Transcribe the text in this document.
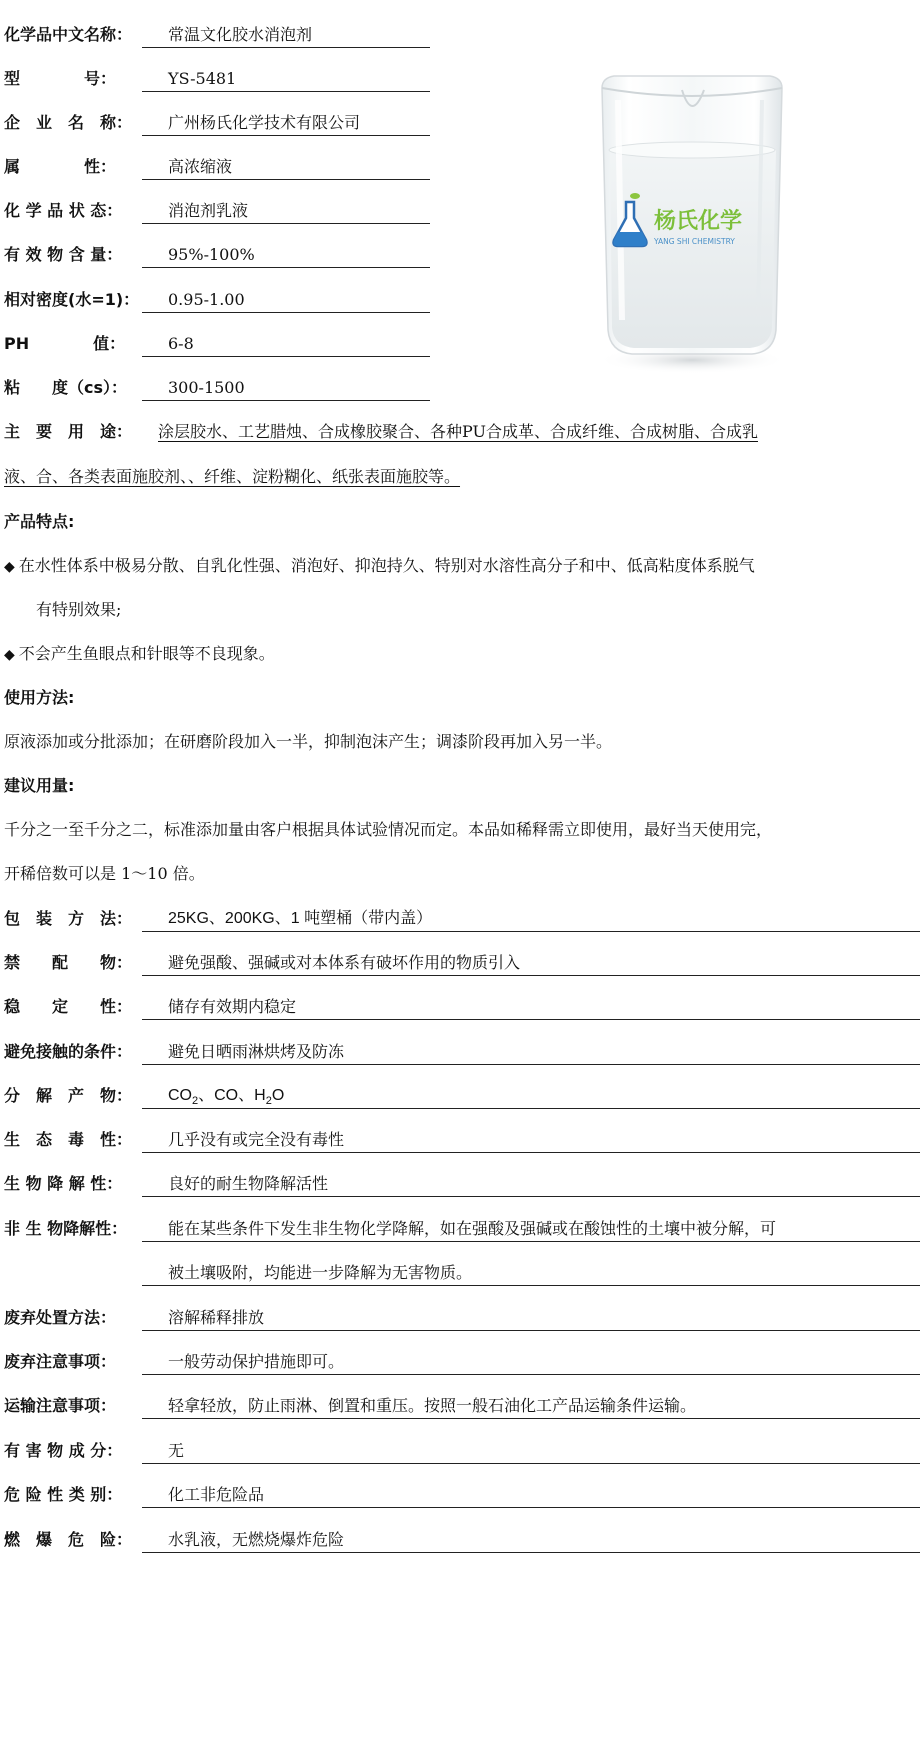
化学品中文名称：	常温文化胶水消泡剂
型　　　　号：	YS-5481
企　业　名　称：	广州杨氏化学技术有限公司
属　　　　性：	高浓缩液
化 学 品 状 态：	消泡剂乳液
有 效 物 含 量：	95%-100%
相对密度(水=1)：	0.95-1.00
PH　　　　值：	6-8
粘　　度（cs）：	300-1500
杨氏化学
YANG SHI CHEMISTRY
主　要　用　途： 涂层胶水、工艺腊烛、合成橡胶聚合、各种PU合成革、合成纤维、合成树脂、合成乳
液、合、各类表面施胶剂、、纤维、淀粉糊化、纸张表面施胶等。
产品特点:
◆ 在水性体系中极易分散、自乳化性强、消泡好、抑泡持久、特别对水溶性高分子和中、低高粘度体系脱气
有特别效果;
◆ 不会产生鱼眼点和针眼等不良现象。
使用方法:
原液添加或分批添加；在研磨阶段加入一半，抑制泡沫产生；调漆阶段再加入另一半。
建议用量:
千分之一至千分之二，标准添加量由客户根据具体试验情况而定。本品如稀释需立即使用，最好当天使用完，
开稀倍数可以是 1～10 倍。
包　装　方　法：	25KG、200KG、1 吨塑桶（带内盖）
禁　　配　　物：	避免强酸、强碱或对本体系有破坏作用的物质引入
稳　　定　　性：	储存有效期内稳定
避免接触的条件：	避免日晒雨淋烘烤及防冻
分　解　产　物：	$CO_2$、CO、$H_2O$
生　态　毒　性：	几乎没有或完全没有毒性
生 物 降 解 性：	良好的耐生物降解活性
非 生 物降解性：	能在某些条件下发生非生物化学降解，如在强酸及强碱或在酸蚀性的土壤中被分解，可
被土壤吸附，均能进一步降解为无害物质。
废弃处置方法：	溶解稀释排放
废弃注意事项：	一般劳动保护措施即可。
运输注意事项：	轻拿轻放，防止雨淋、倒置和重压。按照一般石油化工产品运输条件运输。
有 害 物 成 分：	无
危 险 性 类 别：	化工非危险品
燃　爆　危　险：	水乳液，无燃烧爆炸危险
